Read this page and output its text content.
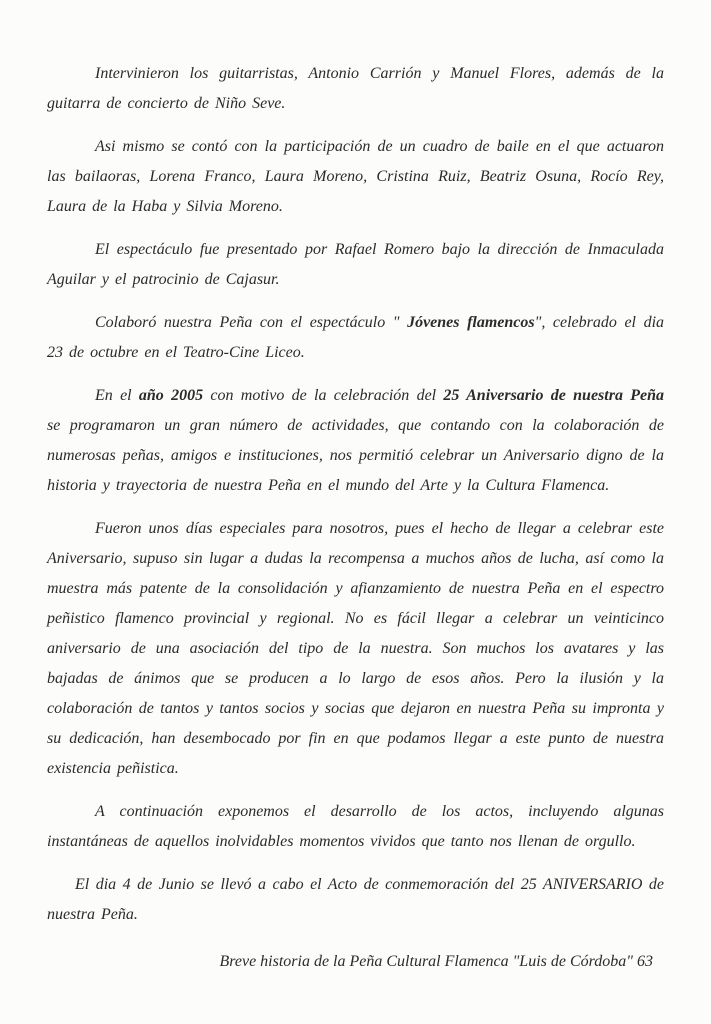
Intervinieron los guitarristas, Antonio Carrión y Manuel Flores, además de la guitarra de concierto de Niño Seve.

Asi mismo se contó con la participación de un cuadro de baile en el que actuaron las bailaoras, Lorena Franco, Laura Moreno, Cristina Ruiz, Beatriz Osuna, Rocío Rey, Laura de la Haba y Silvia Moreno.

El espectáculo fue presentado por Rafael Romero bajo la dirección de Inmaculada Aguilar y el patrocinio de Cajasur.

Colaboró nuestra Peña con el espectáculo " Jóvenes flamencos", celebrado el dia 23 de octubre en el Teatro-Cine Liceo.

En el año 2005 con motivo de la celebración del 25 Aniversario de nuestra Peña se programaron un gran número de actividades, que contando con la colaboración de numerosas peñas, amigos e instituciones, nos permitió celebrar un Aniversario digno de la historia y trayectoria de nuestra Peña en el mundo del Arte y la Cultura Flamenca.

Fueron unos días especiales para nosotros, pues el hecho de llegar a celebrar este Aniversario, supuso sin lugar a dudas la recompensa a muchos años de lucha, así como la muestra más patente de la consolidación y afianzamiento de nuestra Peña en el espectro peñistico flamenco provincial y regional. No es fácil llegar a celebrar un veinticinco aniversario de una asociación del tipo de la nuestra. Son muchos los avatares y las bajadas de ánimos que se producen a lo largo de esos años. Pero la ilusión y la colaboración de tantos y tantos socios y socias que dejaron en nuestra Peña su impronta y su dedicación, han desembocado por fin en que podamos llegar a este punto de nuestra existencia peñistica.

A continuación exponemos el desarrollo de los actos, incluyendo algunas instantáneas de aquellos inolvidables momentos vividos que tanto nos llenan de orgullo.

El dia 4 de Junio se llevó a cabo el Acto de conmemoración del 25 ANIVERSARIO de nuestra Peña.

Breve historia de la Peña Cultural Flamenca "Luis de Córdoba" 63
